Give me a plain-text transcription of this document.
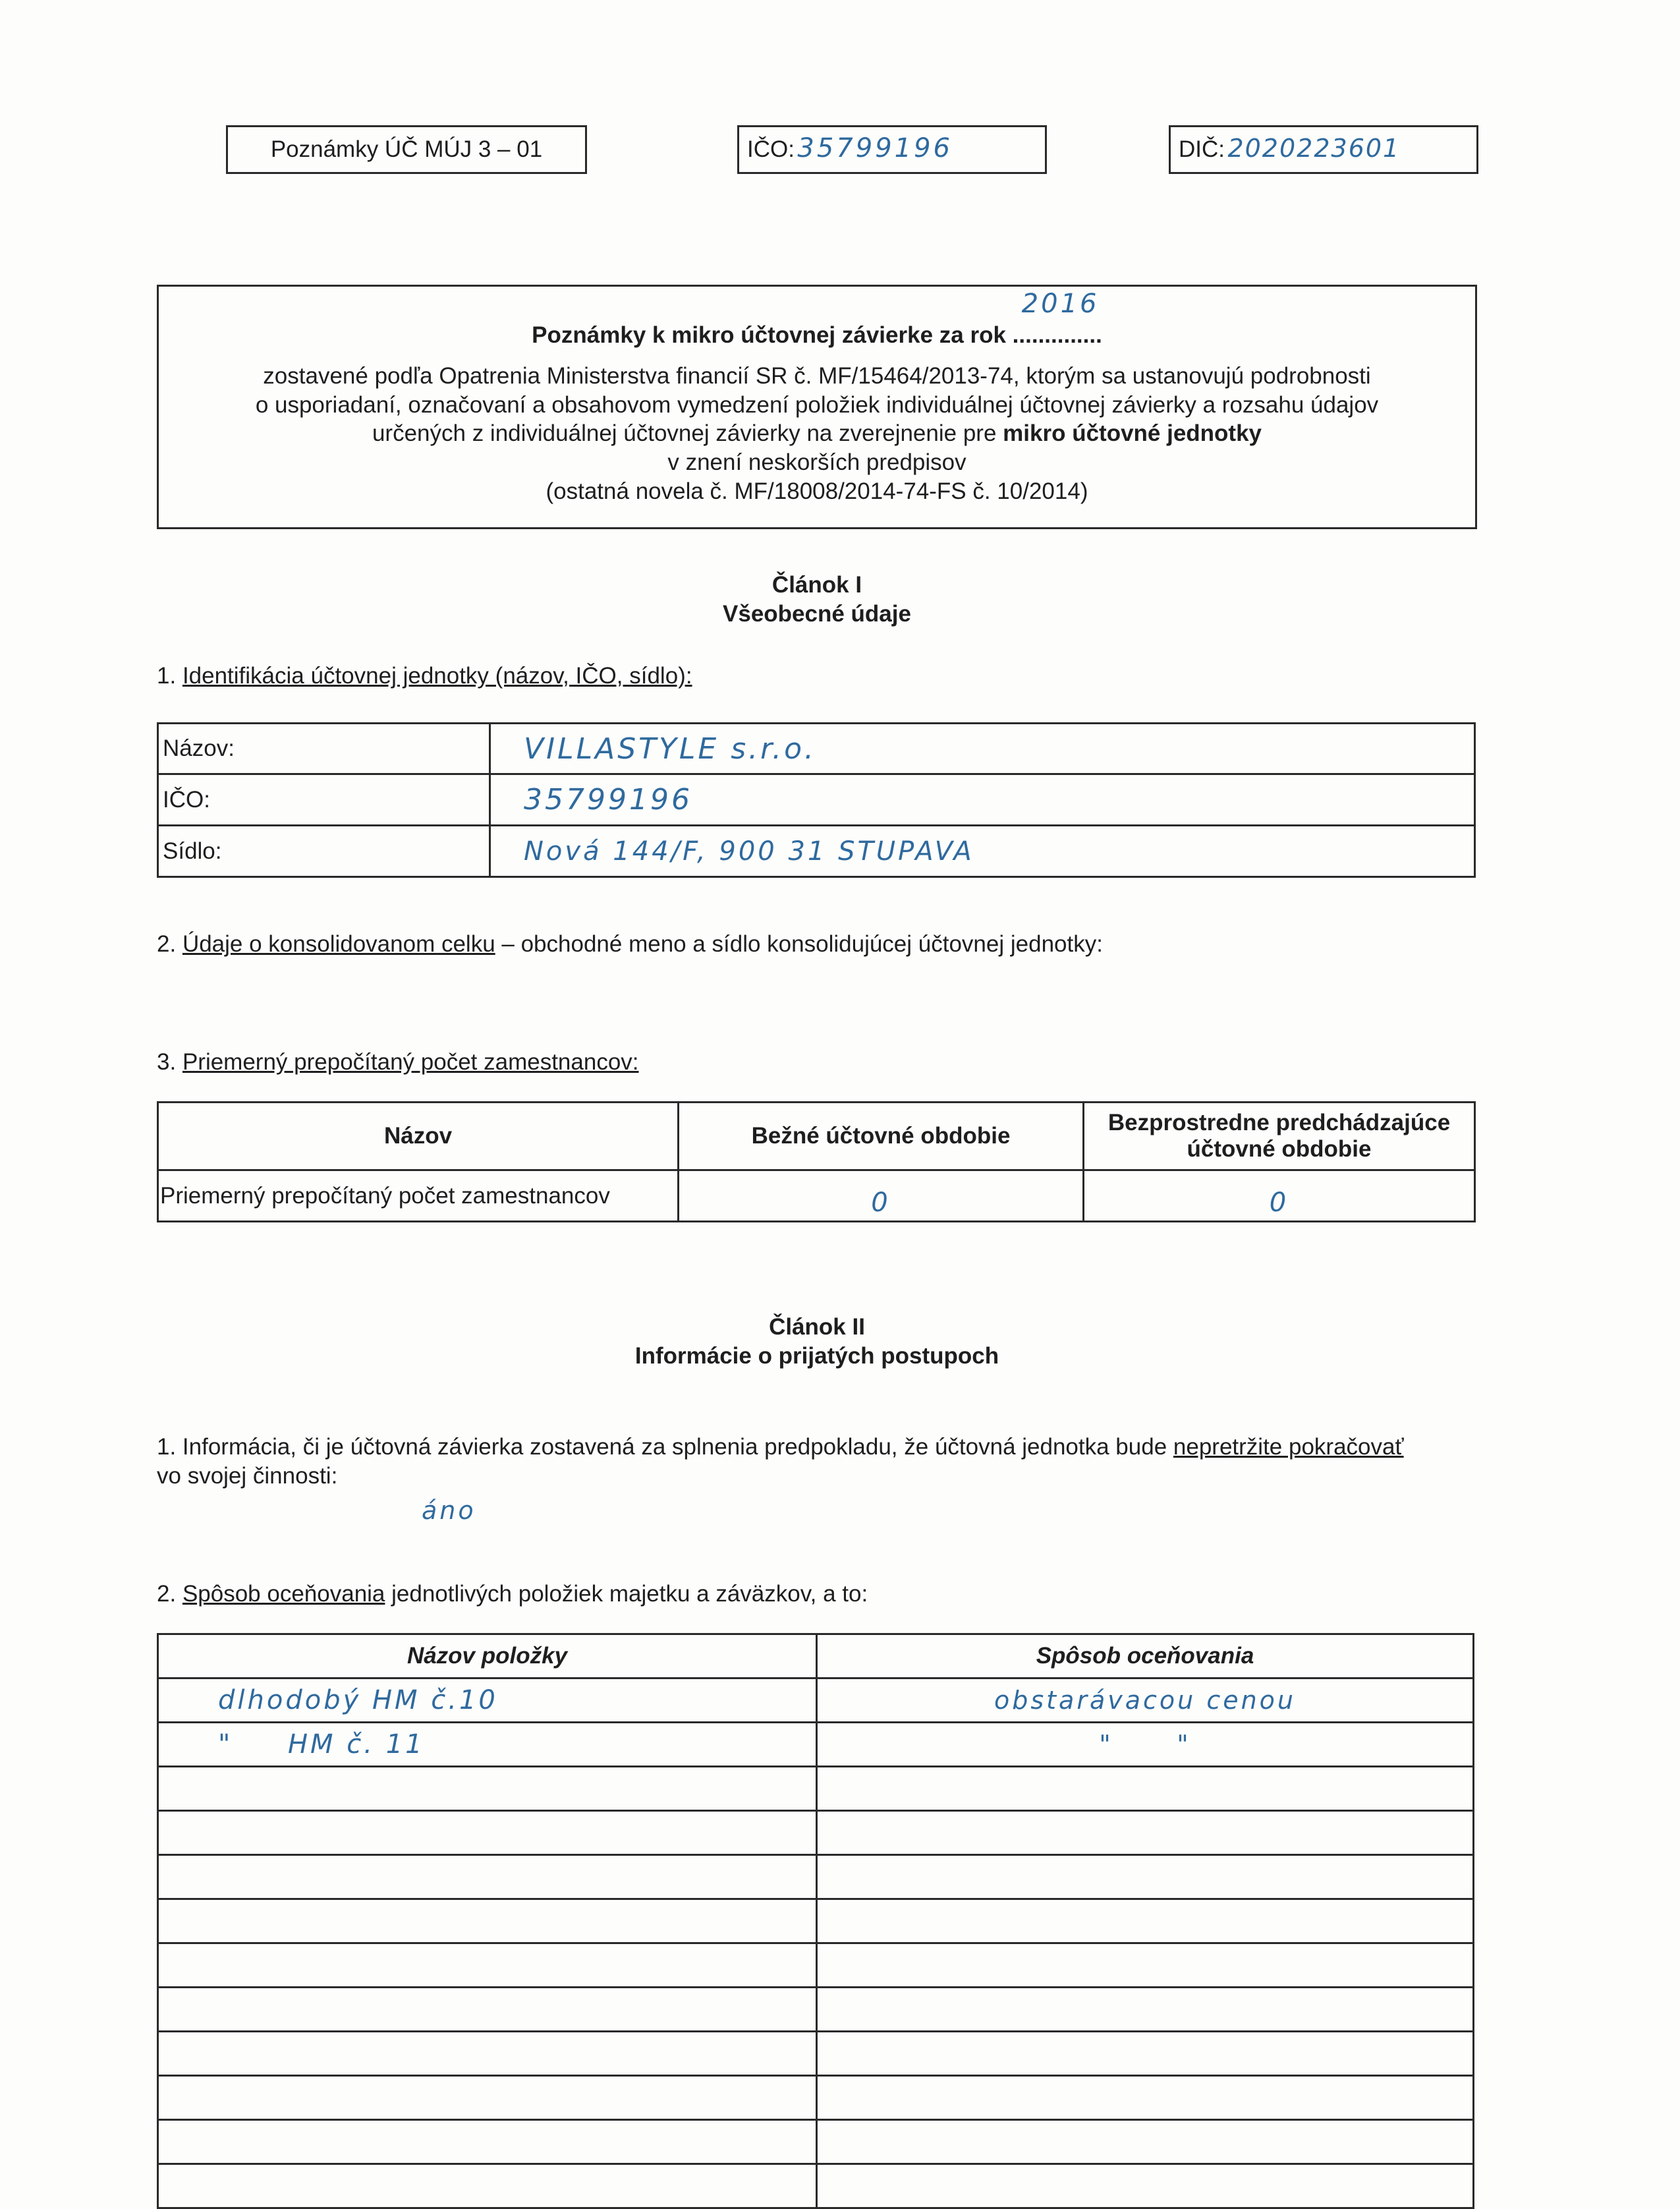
Poznámky ÚČ MÚJ 3 – 01	IČO: 35799196	DIČ: 2020223601
Poznámky k mikro účtovnej závierke za rok ..............
2016
zostavené podľa Opatrenia Ministerstva financií SR č. MF/15464/2013-74, ktorým sa ustanovujú podrobnosti
o usporiadaní, označovaní a obsahovom vymedzení položiek individuálnej účtovnej závierky a rozsahu údajov
určených z individuálnej účtovnej závierky na zverejnenie pre mikro účtovné jednotky
v znení neskorších predpisov
(ostatná novela č. MF/18008/2014-74-FS č. 10/2014)
Článok I
Všeobecné údaje
1. Identifikácia účtovnej jednotky (názov, IČO, sídlo):
Názov:	VILLASTYLE s.r.o.
IČO:	35799196
Sídlo:	Nová 144/F, 900 31 STUPAVA
2. Údaje o konsolidovanom celku – obchodné meno a sídlo konsolidujúcej účtovnej jednotky:
3. Priemerný prepočítaný počet zamestnancov:
Názov	Bežné účtovné obdobie	Bezprostredne predchádzajúce účtovné obdobie
Priemerný prepočítaný počet zamestnancov	0	0
Článok II
Informácie o prijatých postupoch
1. Informácia, či je účtovná závierka zostavená za splnenia predpokladu, že účtovná jednotka bude nepretržite pokračovať
vo svojej činnosti:
áno
2. Spôsob oceňovania jednotlivých položiek majetku a záväzkov, a to:
Názov položky	Spôsob oceňovania
dlhodobý HM č.10	obstarávacou cenou
"     HM č. 11	"      "
